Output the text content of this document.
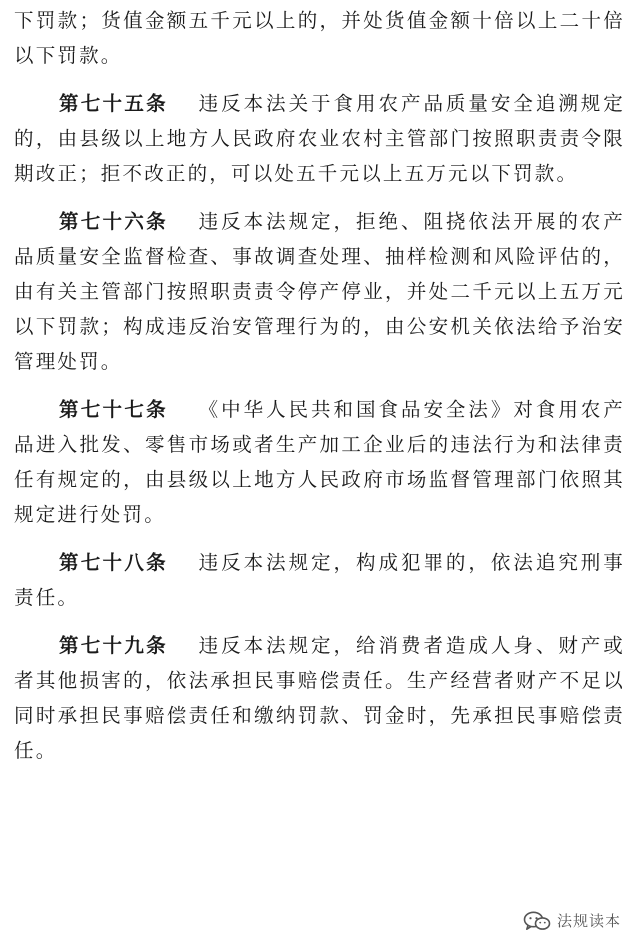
下罚款；货值金额五千元以上的，并处货值金额十倍以上二十倍以下罚款。

第七十五条 违反本法关于食用农产品质量安全追溯规定的，由县级以上地方人民政府农业农村主管部门按照职责责令限期改正；拒不改正的，可以处五千元以上五万元以下罚款。

第七十六条 违反本法规定，拒绝、阻挠依法开展的农产品质量安全监督检查、事故调查处理、抽样检测和风险评估的，由有关主管部门按照职责责令停产停业，并处二千元以上五万元以下罚款；构成违反治安管理行为的，由公安机关依法给予治安管理处罚。

第七十七条 《中华人民共和国食品安全法》对食用农产品进入批发、零售市场或者生产加工企业后的违法行为和法律责任有规定的，由县级以上地方人民政府市场监督管理部门依照其规定进行处罚。

第七十八条 违反本法规定，构成犯罪的，依法追究刑事责任。

第七十九条 违反本法规定，给消费者造成人身、财产或者其他损害的，依法承担民事赔偿责任。生产经营者财产不足以同时承担民事赔偿责任和缴纳罚款、罚金时，先承担民事赔偿责任。

法规读本
